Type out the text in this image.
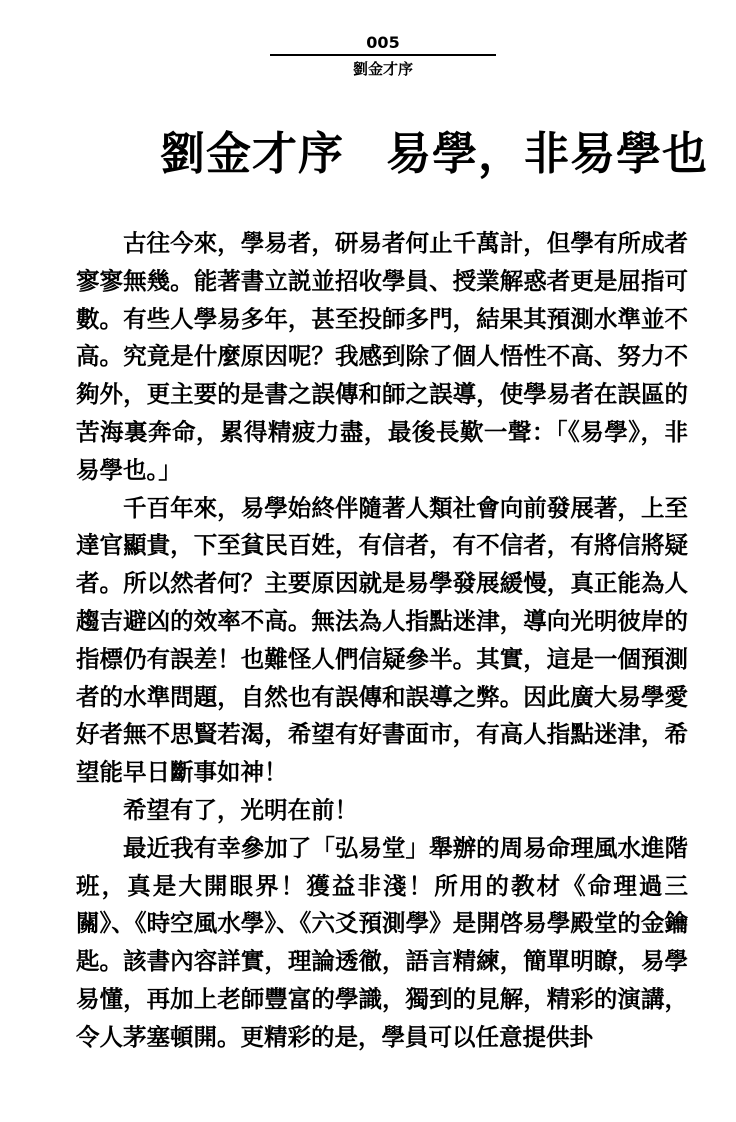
005
劉金才序
劉金才序 易學，非易學也

古往今來，學易者，研易者何止千萬計，但學有所成者寥寥無幾。能著書立説並招收學員、授業解惑者更是屈指可數。有些人學易多年，甚至投師多門，結果其預測水準並不高。究竟是什麼原因呢？我感到除了個人悟性不高、努力不夠外，更主要的是書之誤傳和師之誤導，使學易者在誤區的苦海裏奔命，累得精疲力盡，最後長歎一聲：「《易學》，非易學也。」

千百年來，易學始終伴隨著人類社會向前發展著，上至達官顯貴，下至貧民百姓，有信者，有不信者，有將信將疑者。所以然者何？主要原因就是易學發展緩慢，真正能為人趨吉避凶的效率不高。無法為人指點迷津，導向光明彼岸的指標仍有誤差！也難怪人們信疑參半。其實，這是一個預測者的水準問題，自然也有誤傳和誤導之弊。因此廣大易學愛好者無不思賢若渴，希望有好書面市，有高人指點迷津，希望能早日斷事如神！

希望有了，光明在前！

最近我有幸參加了「弘易堂」舉辦的周易命理風水進階班，真是大開眼界！獲益非淺！所用的教材《命理過三關》、《時空風水學》、《六爻預測學》是開啓易學殿堂的金鑰匙。該書內容詳實，理論透徹，語言精練，簡單明瞭，易學易懂，再加上老師豐富的學識，獨到的見解，精彩的演講，令人茅塞頓開。更精彩的是，學員可以任意提供卦
